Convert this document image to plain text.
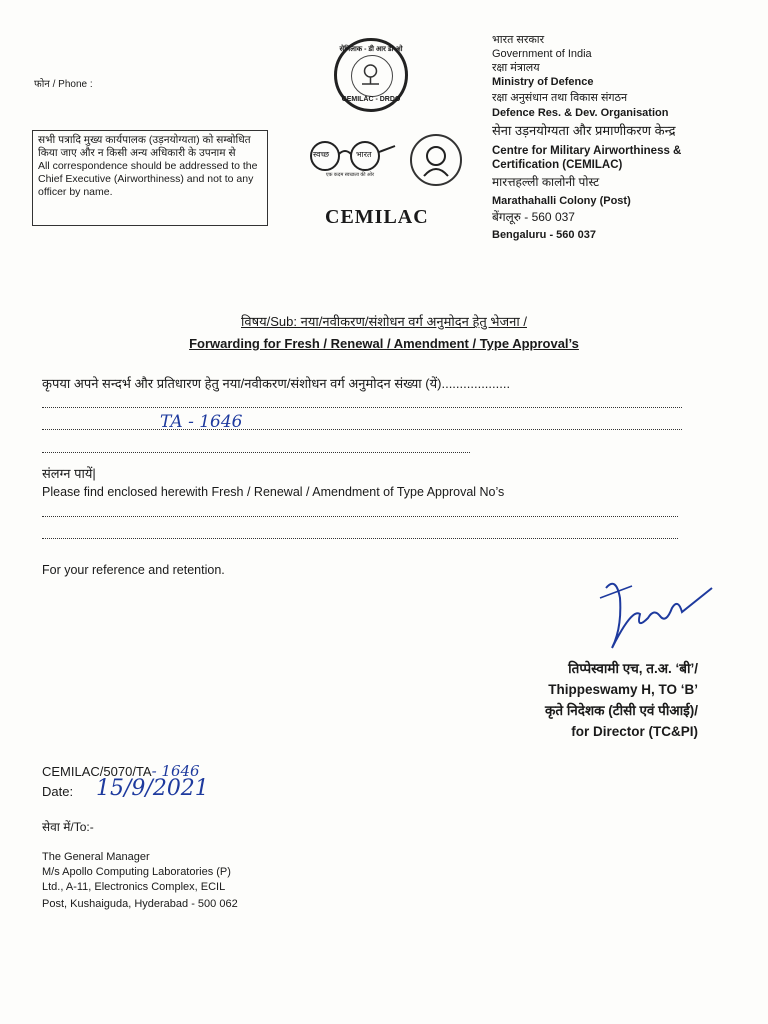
फोन / Phone :
सभी पत्रादि मुख्य कार्यपालक (उड़नयोग्यता) को सम्बोधित किया जाए और न किसी अन्य अधिकारी के उपनाम से
All correspondence should be addressed to the Chief Executive (Airworthiness) and not to any officer by name.
सेमिलाक - डी आर डी ओ
CEMILAC - DRDO
स्वच्छ	भारत
एक कदम स्वच्छता की ओर
CEMILAC
भारत सरकार
Government of India
रक्षा मंत्रालय
Ministry of Defence
रक्षा अनुसंधान तथा विकास संगठन
Defence Res. & Dev. Organisation
सेना उड़नयोग्यता और प्रमाणीकरण केन्द्र
Centre for Military Airworthiness &
Certification (CEMILAC)
मारत्तहल्ली कालोनी पोस्ट
Marathahalli Colony (Post)
बेंगलूरु - 560 037
Bengaluru - 560 037
विषय/Sub: नया/नवीकरण/संशोधन वर्ग अनुमोदन हेतु भेजना /
Forwarding for Fresh / Renewal / Amendment / Type Approval’s
कृपया अपने सन्दर्भ और प्रतिधारण हेतु नया/नवीकरण/संशोधन वर्ग अनुमोदन संख्या (यें)...................
TA - 1646
संलग्न पायें|
Please find enclosed herewith Fresh / Renewal / Amendment of Type Approval No’s
For your reference and retention.
तिप्पेस्वामी एच, त.अ. ‘बी’/
Thippeswamy H, TO ‘B’
कृते निदेशक (टीसी एवं पीआई)/
for Director (TC&PI)
CEMILAC/5070/TA- 1646
Date: 15/9/2021
सेवा में/To:-
The General Manager
M/s Apollo Computing Laboratories (P)
Ltd., A-11, Electronics Complex, ECIL
Post, Kushaiguda, Hyderabad - 500 062
